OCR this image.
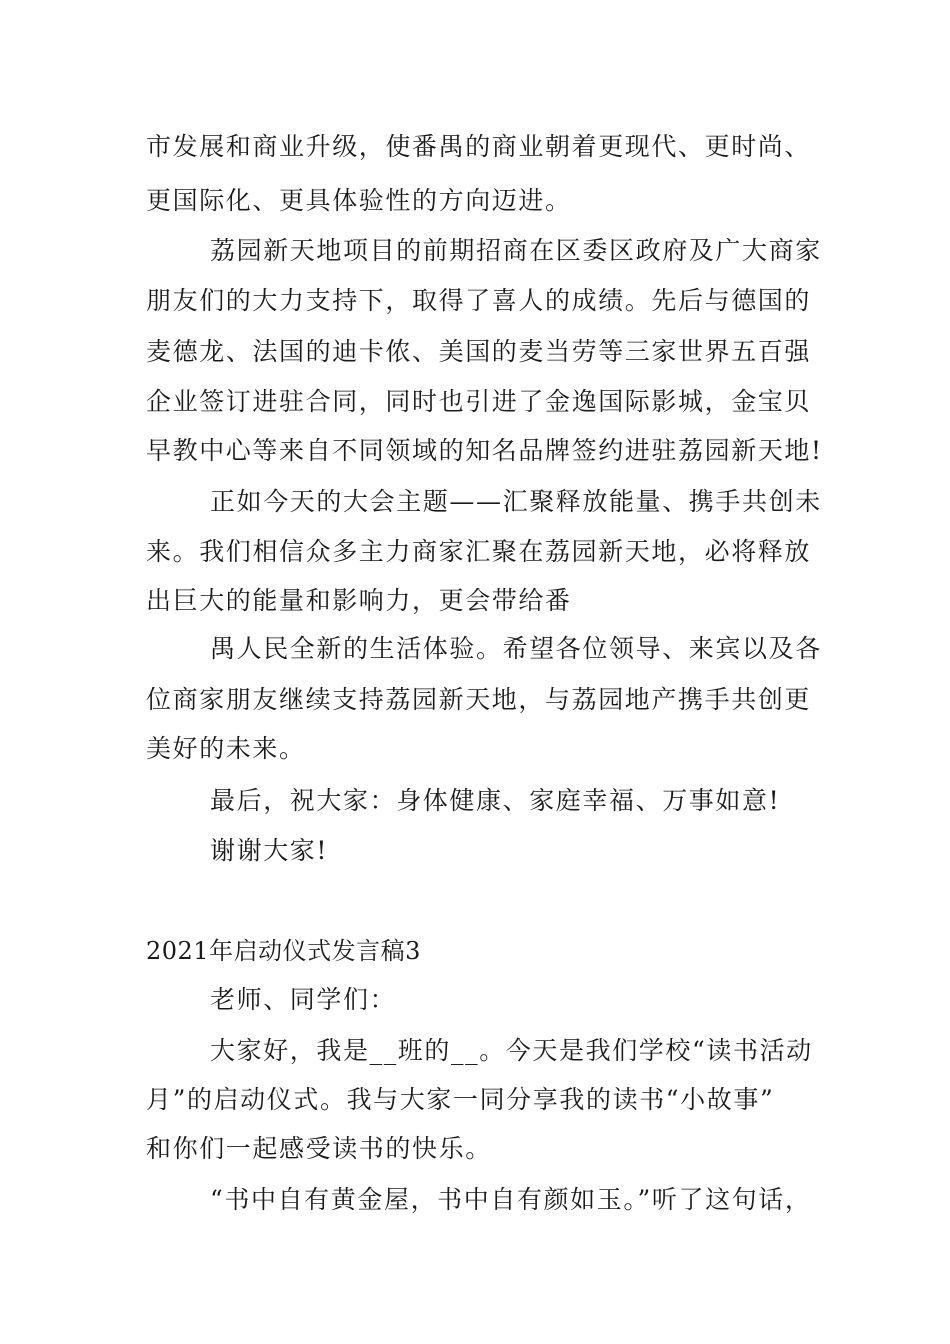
市发展和商业升级，使番禺的商业朝着更现代、更时尚、
更国际化、更具体验性的方向迈进。
荔园新天地项目的前期招商在区委区政府及广大商家
朋友们的大力支持下，取得了喜人的成绩。先后与德国的
麦德龙、法国的迪卡侬、美国的麦当劳等三家世界五百强
企业签订进驻合同，同时也引进了金逸国际影城，金宝贝
早教中心等来自不同领域的知名品牌签约进驻荔园新天地!
正如今天的大会主题——汇聚释放能量、携手共创未
来。我们相信众多主力商家汇聚在荔园新天地，必将释放
出巨大的能量和影响力，更会带给番
禺人民全新的生活体验。希望各位领导、来宾以及各
位商家朋友继续支持荔园新天地，与荔园地产携手共创更
美好的未来。
最后，祝大家：身体健康、家庭幸福、万事如意!
谢谢大家!
2021年启动仪式发言稿3
老师、同学们：
大家好，我是__班的__。今天是我们学校“读书活动
月”的启动仪式。我与大家一同分享我的读书“小故事”
和你们一起感受读书的快乐。
“书中自有黄金屋，书中自有颜如玉。”听了这句话，
